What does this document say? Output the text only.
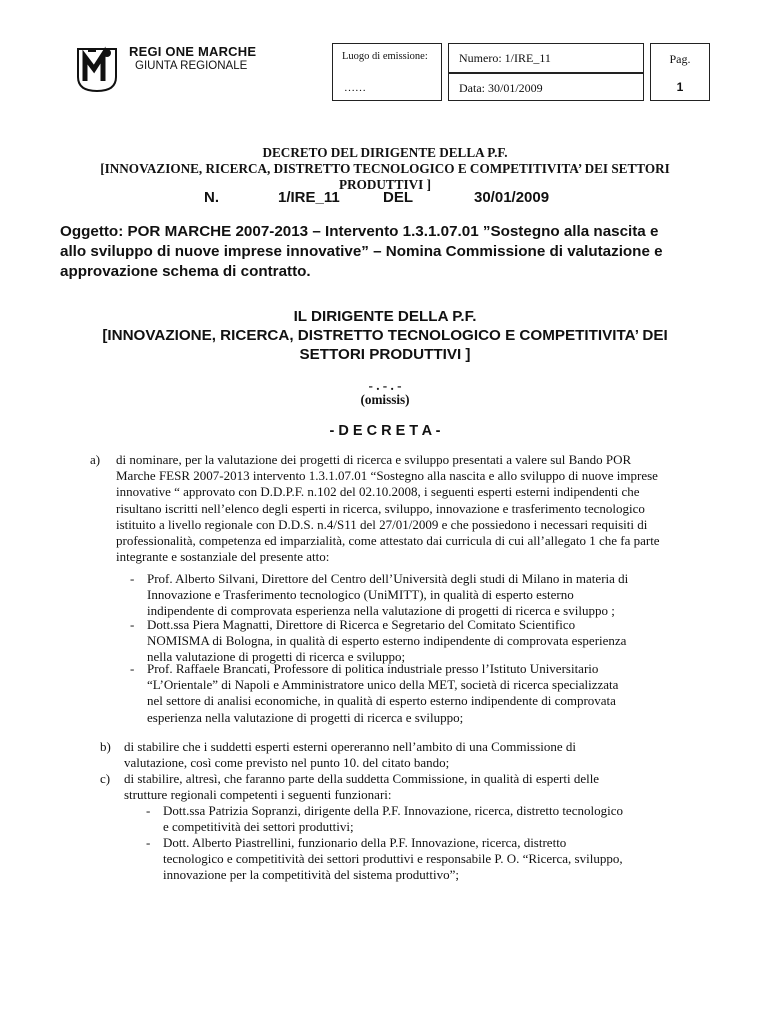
REGI ONE MARCHE
GIUNTA REGIONALE
Luogo di emissione:
……
Numero: 1/IRE_11
Data: 30/01/2009
Pag.
1
DECRETO DEL DIRIGENTE DELLA P.F.
[INNOVAZIONE, RICERCA, DISTRETTO TECNOLOGICO E COMPETITIVITA’ DEI SETTORI
PRODUTTIVI ]
N.	1/IRE_11	DEL	30/01/2009
Oggetto: POR MARCHE 2007-2013 – Intervento 1.3.1.07.01 ”Sostegno alla nascita e
allo sviluppo di nuove imprese innovative” – Nomina Commissione di valutazione e
approvazione schema di contratto.
IL DIRIGENTE DELLA P.F.
[INNOVAZIONE, RICERCA, DISTRETTO TECNOLOGICO E COMPETITIVITA’ DEI
SETTORI PRODUTTIVI ]
- . - . -
(omissis)
- D E C R E T A -
a) di nominare, per la valutazione dei progetti di ricerca e sviluppo presentati a valere sul Bando POR
Marche FESR 2007-2013 intervento 1.3.1.07.01 “Sostegno alla nascita e allo sviluppo di nuove imprese
innovative “ approvato con D.D.P.F. n.102 del 02.10.2008, i seguenti esperti esterni indipendenti che
risultano iscritti nell’elenco degli esperti in ricerca, sviluppo, innovazione e trasferimento tecnologico
istituito a livello regionale con D.D.S. n.4/S11 del 27/01/2009 e che possiedono i necessari requisiti di
professionalità, competenza ed imparzialità, come attestato dai curricula di cui all’allegato 1 che fa parte
integrante e sostanziale del presente atto:
- Prof. Alberto Silvani, Direttore del Centro dell’Università degli studi di Milano in materia di
Innovazione e Trasferimento tecnologico (UniMITT), in qualità di esperto esterno
indipendente di comprovata esperienza nella valutazione di progetti di ricerca e sviluppo ;
- Dott.ssa Piera Magnatti, Direttore di Ricerca e Segretario del Comitato Scientifico
NOMISMA di Bologna, in qualità di esperto esterno indipendente di comprovata esperienza
nella valutazione di progetti di ricerca e sviluppo;
- Prof. Raffaele Brancati, Professore di politica industriale presso l’Istituto Universitario
“L’Orientale” di Napoli e Amministratore unico della MET, società di ricerca specializzata
nel settore di analisi economiche, in qualità di esperto esterno indipendente di comprovata
esperienza nella valutazione di progetti di ricerca e sviluppo;
b) di stabilire che i suddetti esperti esterni opereranno nell’ambito di una Commissione di
valutazione, così come previsto nel punto 10. del citato bando;
c) di stabilire, altresì, che faranno parte della suddetta Commissione, in qualità di esperti delle
strutture regionali competenti i seguenti funzionari:
- Dott.ssa Patrizia Sopranzi, dirigente della P.F. Innovazione, ricerca, distretto tecnologico
e competitività dei settori produttivi;
- Dott. Alberto Piastrellini, funzionario della P.F. Innovazione, ricerca, distretto
tecnologico e competitività dei settori produttivi e responsabile P. O. “Ricerca, sviluppo,
innovazione per la competitività del sistema produttivo”;
